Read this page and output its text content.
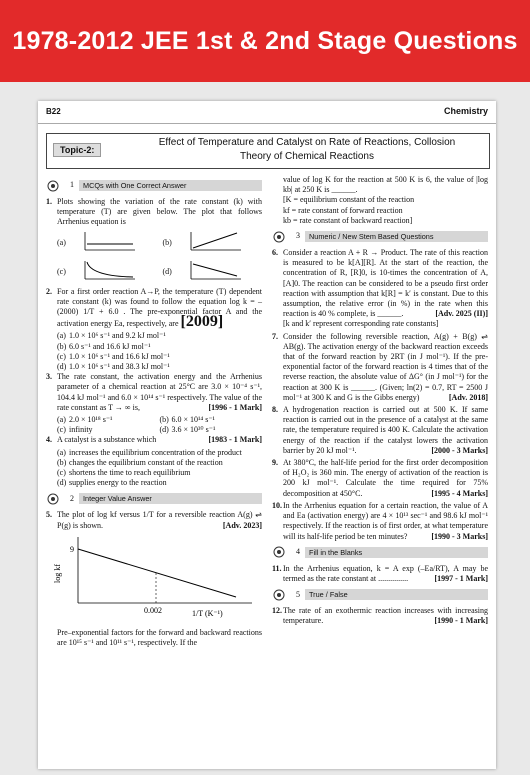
1978-2012 JEE 1st & 2nd Stage Questions
B22	Chemistry
Topic-2:
Effect of Temperature and Catalyst on Rate of Reactions, Collosion Theory of Chemical Reactions
1	MCQs with One Correct Answer
1. Plots showing the variation of the rate constant (k) with temperature (T) are given below. The plot that follows Arrhenius equation is
(a)	(b)
(c)	(d)
2. For a first order reaction A→P, the temperature (T) dependent rate constant (k) was found to follow the equation log k = – (2000) 1/T + 6.0 . The pre-exponential factor A and the activation energy Ea, respectively, are [2009]
(a) 1.0 × 10⁶ s⁻¹ and 9.2 kJ mol⁻¹
(b) 6.0 s⁻¹ and 16.6 kJ mol⁻¹
(c) 1.0 × 10⁶ s⁻¹ and 16.6 kJ mol⁻¹
(d) 1.0 × 10⁶ s⁻¹ and 38.3 kJ mol⁻¹
3. The rate constant, the activation energy and the Arrhenius parameter of a chemical reaction at 25°C are 3.0 × 10⁻⁴ s⁻¹, 104.4 kJ mol⁻¹ and 6.0 × 10¹⁴ s⁻¹ respectively. The value of the rate constant as T → ∞ is,	[1996 - 1 Mark]
(a) 2.0 × 10¹⁸ s⁻¹	(b) 6.0 × 10¹⁴ s⁻¹
(c) infinity	(d) 3.6 × 10³⁰ s⁻¹
4. A catalyst is a substance which	[1983 - 1 Mark]
(a) increases the equilibrium concentration of the product
(b) changes the equilibrium constant of the reaction
(c) shortens the time to reach equilibrium
(d) supplies energy to the reaction
2	Integer Value Answer
5. The plot of log kf versus 1/T for a reversible reaction A(g) ⇌ P(g) is shown.	[Adv. 2023]
9
log kf
0.002	1/T (K⁻¹)
Pre–exponential factors for the forward and backward reactions are 10¹⁵ s⁻¹ and 10¹¹ s⁻¹, respectively. If the
value of log K for the reaction at 500 K is 6, the value of |log kb| at 250 K is ______.
[K = equilibrium constant of the reaction
kf = rate constant of forward reaction
kb = rate constant of backward reaction]
3	Numeric / New Stem Based Questions
6. Consider a reaction A + R → Product. The rate of this reaction is measured to be k[A][R]. At the start of the reaction, the concentration of R, [R]0, is 10-times the concentration of A, [A]0. The reaction can be considered to be a pseudo first order reaction with assumption that k[R] = k′ is constant. Due to this assumption, the relative error (in %) in the rate when this reaction is 40 % complete, is ______.	[Adv. 2025 (II)]

[k and k′ represent corresponding rate constants]
7. Consider the following reversible reaction, A(g) + B(g) ⇌ AB(g). The activation energy of the backward reaction exceeds that of the forward reaction by 2RT (in J mol⁻¹). If the pre-exponential factor of the forward reaction is 4 times that of the reverse reaction, the absolute value of ΔG° (in J mol⁻¹) for the reaction at 300 K is ______. (Given; ln(2) = 0.7, RT = 2500 J mol⁻¹ at 300 K and G is the Gibbs energy)	[Adv. 2018]
8. A hydrogenation reaction is carried out at 500 K. If same reaction is carried out in the presence of a catalyst at the same rate, the temperature required is 400 K. Calculate the activation energy of the reaction if the catalyst lowers the activation barrier by 20 kJ mol⁻¹.	[2000 - 3 Marks]
9. At 380°C, the half-life period for the first order decomposition of H₂O₂ is 360 min. The energy of activation of the reaction is 200 kJ mol⁻¹. Calculate the time required for 75% decomposition at 450°C.	[1995 - 4 Marks]
10. In the Arrhenius equation for a certain reaction, the value of A and Ea (activation energy) are 4 × 10¹³ sec⁻¹ and 98.6 kJ mol⁻¹ respectively. If the reaction is of first order, at what temperature will its half-life period be ten minutes?	[1990 - 3 Marks]
4	Fill in the Blanks
11. In the Arrhenius equation, k = A exp (–Ea/RT), A may be termed as the rate constant at ...............	[1997 - 1 Mark]
5	True / False
12. The rate of an exothermic reaction increases with increasing temperature.	[1990 - 1 Mark]
